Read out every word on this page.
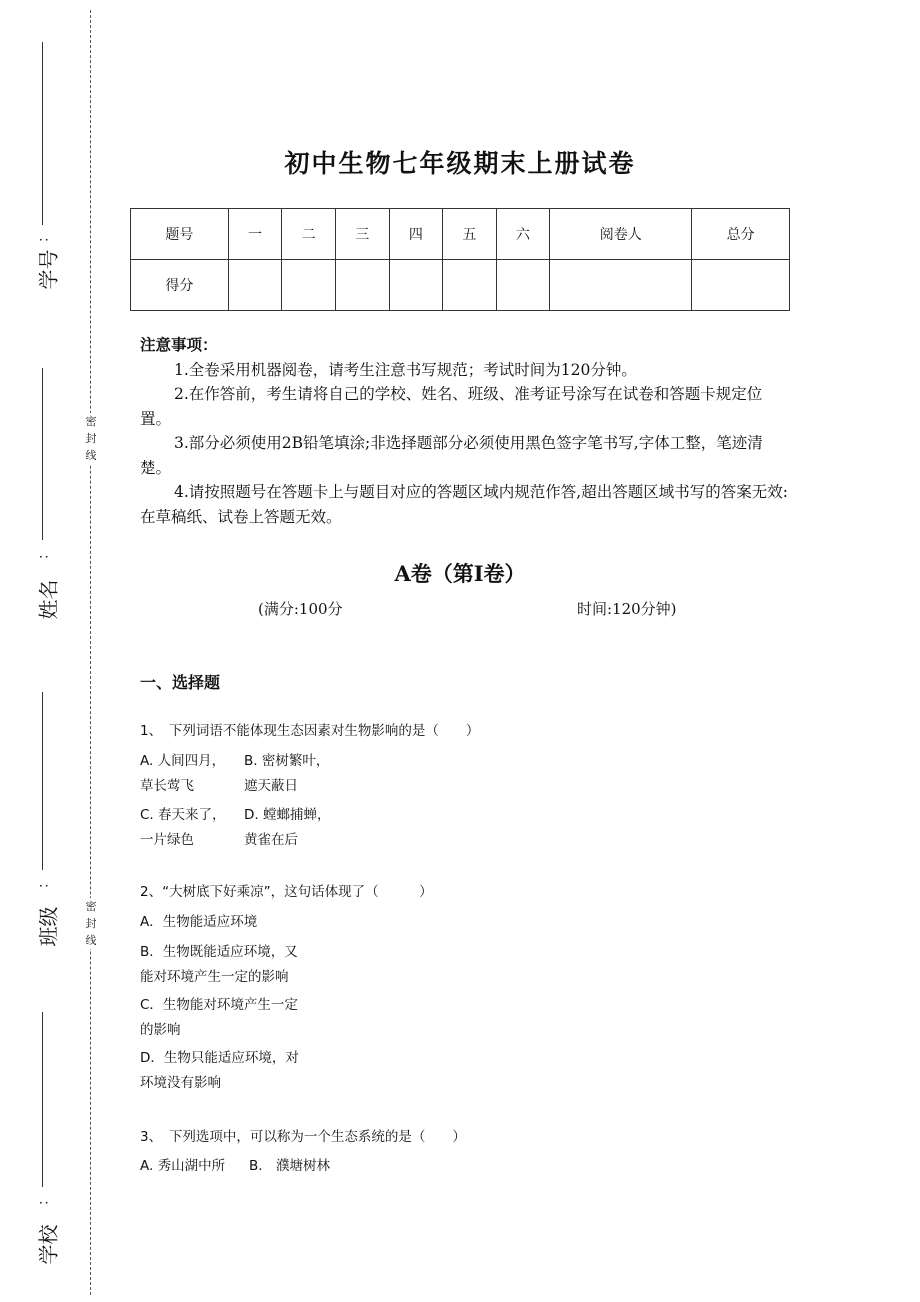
密封线
密封线
：
学号
：
姓名
：
班级
：
学校
初中生物七年级期末上册试卷
题号	一	二	三	四	五	六	阅卷人	总分
得分								
注意事项：
1.全卷采用机器阅卷，请考生注意书写规范；考试时间为120分钟。
2.在作答前，考生请将自己的学校、姓名、班级、准考证号涂写在试卷和答题卡规定位置。
3.部分必须使用2B铅笔填涂;非选择题部分必须使用黑色签字笔书写,字体工整，笔迹清楚。
4.请按照题号在答题卡上与题目对应的答题区域内规范作答,超出答题区域书写的答案无效:在草稿纸、试卷上答题无效。
A卷（第I卷）
(满分:100分	时间:120分钟)
一、选择题
1、　下列词语不能体现生态因素对生物影响的是（　　）
A. 人间四月，
草长莺飞
B. 密树繁叶，
遮天蔽日
C. 春天来了，
一片绿色
D. 螳螂捕蝉，
黄雀在后
2、“大树底下好乘凉”，这句话体现了（　　　）
A．生物能适应环境
B．生物既能适应环境，又
能对环境产生一定的影响
C．生物能对环境产生一定
的影响
D．生物只能适应环境，对
环境没有影响
3、　下列选项中，可以称为一个生态系统的是（　　）
A. 秀山湖中所 B.　濮塘树林
